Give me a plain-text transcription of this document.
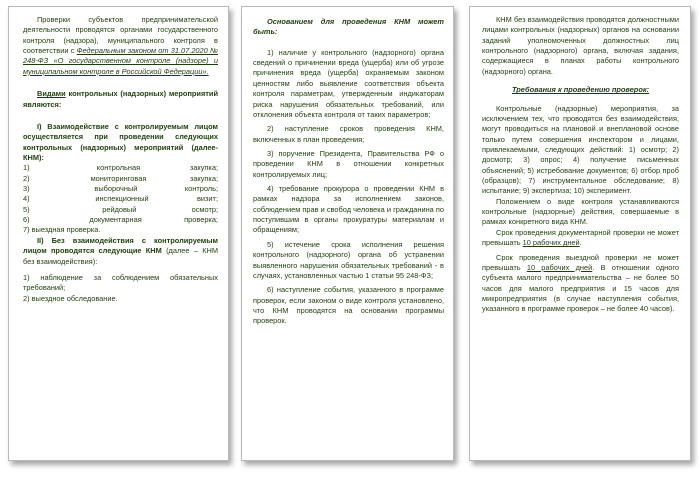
Проверки субъектов предпринимательской деятельности проводятся органами государственного контроля (надзора), муниципального контроля в соответствии с Федеральным законом от 31.07.2020 № 248-ФЗ «О государственном контроле (надзоре) и муниципальном контроле в Российской Федерации».

Видами контрольных (надзорных) мероприятий являются:

I) Взаимодействие с контролируемым лицом осуществляется при проведении следующих контрольных (надзорных) мероприятий (далее-КНМ):

1)	контрольная	закупка;
2)	мониторинговая	закупка;
3)	выборочный	контроль;
4)	инспекционный	визит;
5)	рейдовый	осмотр;
6)	документарная	проверка;

7) выездная проверка.

II) Без взаимодействия с контролируемым лицом проводятся следующие КНМ (далее – КНМ без взаимодействия):

1) наблюдение за соблюдением обязательных требований;

2) выездное обследование.

Основанием для проведения КНМ может быть:

1) наличие у контрольного (надзорного) органа сведений о причинении вреда (ущерба) или об угрозе причинения вреда (ущерба) охраняемым законом ценностям либо выявление соответствия объекта контроля параметрам, утвержденным индикаторам риска нарушения обязательных требований, или отклонения объекта контроля от таких параметров;

2) наступление сроков проведения КНМ, включенных в план проведения;

3) поручение Президента, Правительства РФ о проведении КНМ в отношении конкретных контролируемых лиц;

4) требование прокурора о проведении КНМ в рамках надзора за исполнением законов, соблюдением прав и свобод человека и гражданина по поступившим в органы прокуратуры материалам и обращениям;

5) истечение срока исполнения решения контрольного (надзорного) органа об устранении выявленного нарушения обязательных требований - в случаях, установленных частью 1 статьи 95 248-ФЗ;

6) наступление события, указанного в программе проверок, если законом о виде контроля установлено, что КНМ проводятся на основании программы проверок.

КНМ без взаимодействия проводятся должностными лицами контрольных (надзорных) органов на основании заданий уполномоченных должностных лиц контрольного (надзорного) органа, включая задания, содержащиеся в планах работы контрольного (надзорного) органа.

Требования к проведению проверок:

Контрольные (надзорные) мероприятия, за исключением тех, что проводятся без взаимодействия, могут проводиться на плановой и внеплановой основе только путем совершения инспектором и лицами, привлекаемыми, следующих действий: 1) осмотр; 2) досмотр; 3) опрос; 4) получение письменных объяснений; 5) истребование документов; 6) отбор проб (образцов); 7) инструментальное обследование; 8) испытание; 9) экспертиза; 10) эксперимент.

Положением о виде контроля устанавливаются контрольные (надзорные) действия, совершаемые в рамках конкретного вида КНМ.

Срок проведения документарной проверки не может превышать 10 рабочих дней.

Срок проведения выездной проверки не может превышать 10 рабочих дней. В отношении одного субъекта малого предпринимательства – не более 50 часов для малого предприятия и 15 часов для микропредприятия (в случае наступления события, указанного в программе проверок – не более 40 часов).
